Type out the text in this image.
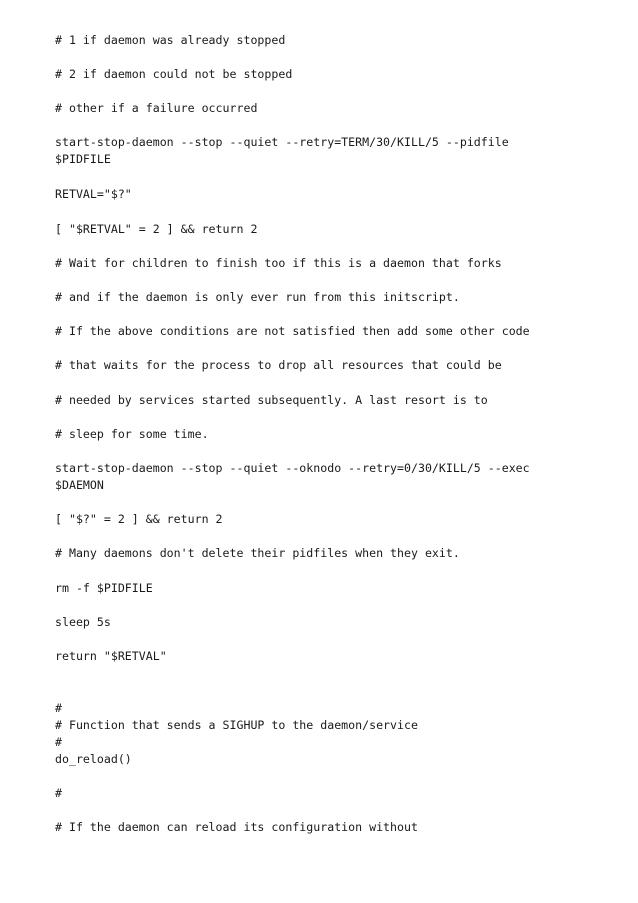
# 1 if daemon was already stopped

# 2 if daemon could not be stopped

# other if a failure occurred

start-stop-daemon --stop --quiet --retry=TERM/30/KILL/5 --pidfile
$PIDFILE

RETVAL="$?"

[ "$RETVAL" = 2 ] && return 2

# Wait for children to finish too if this is a daemon that forks

# and if the daemon is only ever run from this initscript.

# If the above conditions are not satisfied then add some other code

# that waits for the process to drop all resources that could be

# needed by services started subsequently. A last resort is to

# sleep for some time.

start-stop-daemon --stop --quiet --oknodo --retry=0/30/KILL/5 --exec
$DAEMON

[ "$?" = 2 ] && return 2

# Many daemons don't delete their pidfiles when they exit.

rm -f $PIDFILE

sleep 5s

return "$RETVAL"

#
# Function that sends a SIGHUP to the daemon/service
#
do_reload()

#

# If the daemon can reload its configuration without
